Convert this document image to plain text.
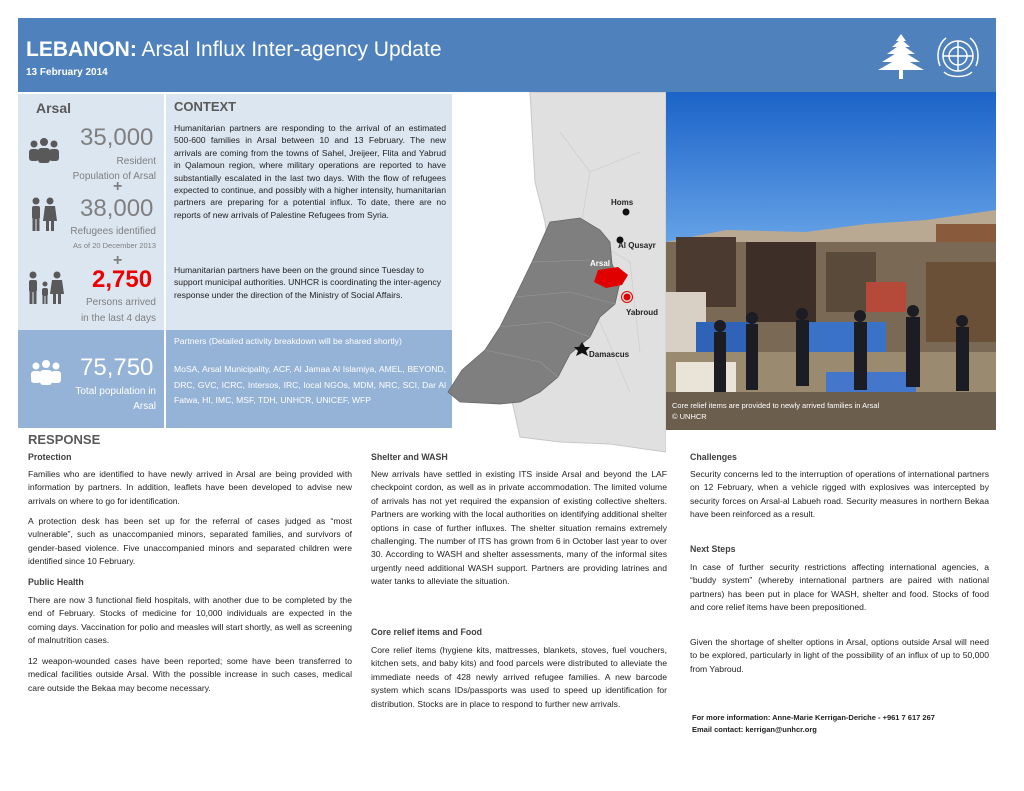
LEBANON: Arsal Influx Inter-agency Update
13 February 2014
Arsal
35,000
Resident
Population of Arsal
+
38,000
Refugees identified
As of 20 December 2013
+
2,750
Persons arrived
in the last 4 days
75,750
Total population in
Arsal
CONTEXT

Humanitarian partners are responding to the arrival of an estimated 500-600 families in Arsal between 10 and 13 February. The new arrivals are coming from the towns of Sahel, Jreijeer, Flita and Yabrud in Qalamoun region, where military operations are reported to have substantially escalated in the last two days. With the flow of refugees expected to continue, and possibly with a higher intensity, humanitarian partners are preparing for a potential influx. To date, there are no reports of new arrivals of Palestine Refugees from Syria.

Humanitarian partners have been on the ground since Tuesday to support municipal authorities. UNHCR is coordinating the inter-agency response under the direction of the Ministry of Social Affairs.

Partners (Detailed activity breakdown will be shared shortly)

MoSA, Arsal Municipality, ACF, Al Jamaa Al Islamiya, AMEL, BEYOND, DRC, GVC, ICRC, Intersos, IRC, local NGOs, MDM, NRC, SCI, Dar Al Fatwa, HI, IMC, MSF, TDH, UNHCR, UNICEF, WFP

Homs
Al Qusayr
Arsal
Yabroud
Damascus
Core relief items are provided to newly arrived families in Arsal
© UNHCR
RESPONSE
Protection

Families who are identified to have newly arrived in Arsal are being provided with information by partners. In addition, leaflets have been developed to advise new arrivals on where to go for identification.

A protection desk has been set up for the referral of cases judged as “most vulnerable”, such as unaccompanied minors, separated families, and survivors of gender-based violence. Five unaccompanied minors and separated children were identified since 10 February.

Public Health

There are now 3 functional field hospitals, with another due to be completed by the end of February. Stocks of medicine for 10,000 individuals are expected in the coming days. Vaccination for polio and measles will start shortly, as well as screening of malnutrition cases.

12 weapon-wounded cases have been reported; some have been transferred to medical facilities outside Arsal. With the possible increase in such cases, medical care outside the Bekaa may become necessary.

Shelter and WASH

New arrivals have settled in existing ITS inside Arsal and beyond the LAF checkpoint cordon, as well as in private accommodation. The limited volume of arrivals has not yet required the expansion of existing collective shelters. Partners are working with the local authorities on identifying additional shelter options in case of further influxes. The shelter situation remains extremely challenging. The number of ITS has grown from 6 in October last year to over 30. According to WASH and shelter assessments, many of the informal sites urgently need additional WASH support. Partners are providing latrines and water tanks to alleviate the situation.

Core relief items and Food

Core relief items (hygiene kits, mattresses, blankets, stoves, fuel vouchers, kitchen sets, and baby kits) and food parcels were distributed to alleviate the immediate needs of 428 newly arrived refugee families. A new barcode system which scans IDs/passports was used to speed up identification for distribution. Stocks are in place to respond to further new arrivals.

Challenges

Security concerns led to the interruption of operations of international partners on 12 February, when a vehicle rigged with explosives was intercepted by security forces on Arsal-al Labueh road. Security measures in northern Bekaa have been reinforced as a result.

Next Steps

In case of further security restrictions affecting international agencies, a “buddy system” (whereby international partners are paired with national partners) has been put in place for WASH, shelter and food. Stocks of food and core relief items have been prepositioned.

Given the shortage of shelter options in Arsal, options outside Arsal will need to be explored, particularly in light of the possibility of an influx of up to 50,000 from Yabroud.

For more information: Anne-Marie Kerrigan-Deriche - +961 7 617 267
Email contact: kerrigan@unhcr.org
